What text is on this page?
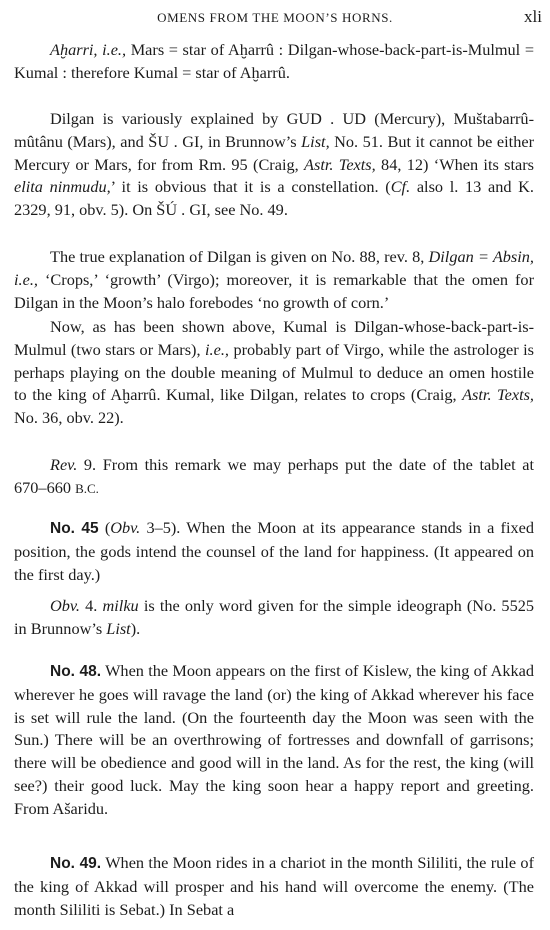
OMENS FROM THE MOON’S HORNS.	xli

Aḫarri, i.e., Mars = star of Aḫarrû : Dilgan-whose-back-part-is-Mulmul = Kumal : therefore Kumal = star of Aḫarrû.

Dilgan is variously explained by GUD . UD (Mercury), Muštabarrû-mûtânu (Mars), and ŠU . GI, in Brunnow’s List, No. 51. But it cannot be either Mercury or Mars, for from Rm. 95 (Craig, Astr. Texts, 84, 12) ‘When its stars elita ninmudu,’ it is obvious that it is a constellation. (Cf. also l. 13 and K. 2329, 91, obv. 5). On ŠÚ . GI, see No. 49.

The true explanation of Dilgan is given on No. 88, rev. 8, Dilgan = Absin, i.e., ‘Crops,’ ‘growth’ (Virgo); moreover, it is remarkable that the omen for Dilgan in the Moon’s halo forebodes ‘no growth of corn.’

Now, as has been shown above, Kumal is Dilgan-whose-back-part-is-Mulmul (two stars or Mars), i.e., probably part of Virgo, while the astrologer is perhaps playing on the double meaning of Mulmul to deduce an omen hostile to the king of Aḫarrû. Kumal, like Dilgan, relates to crops (Craig, Astr. Texts, No. 36, obv. 22).

Rev. 9. From this remark we may perhaps put the date of the tablet at 670–660 B.C.

No. 45 (Obv. 3–5). When the Moon at its appearance stands in a fixed position, the gods intend the counsel of the land for happiness. (It appeared on the first day.)

Obv. 4. milku is the only word given for the simple ideograph (No. 5525 in Brunnow’s List).

No. 48. When the Moon appears on the first of Kislew, the king of Akkad wherever he goes will ravage the land (or) the king of Akkad wherever his face is set will rule the land. (On the fourteenth day the Moon was seen with the Sun.) There will be an overthrowing of fortresses and downfall of garrisons; there will be obedience and good will in the land. As for the rest, the king (will see?) their good luck. May the king soon hear a happy report and greeting. From Ašaridu.

No. 49. When the Moon rides in a chariot in the month Sililiti, the rule of the king of Akkad will prosper and his hand will overcome the enemy. (The month Sililiti is Sebat.) In Sebat a
